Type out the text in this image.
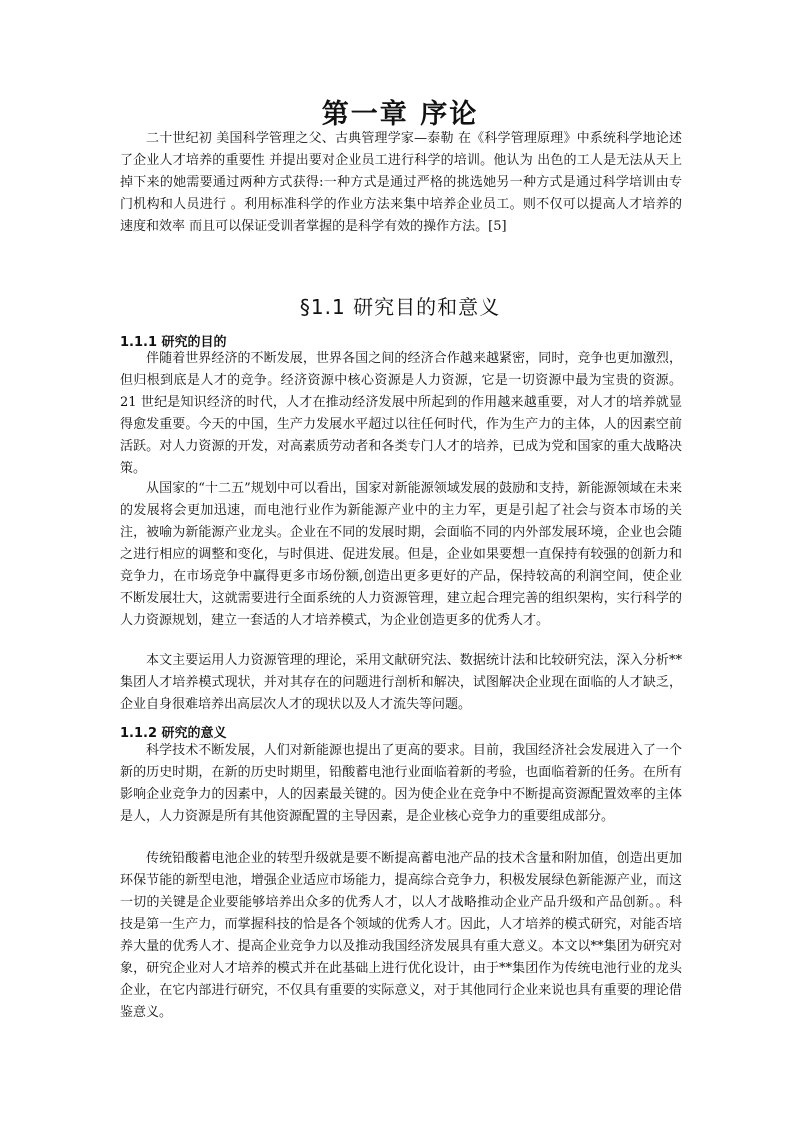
第一章 序论

二十世纪初 美国科学管理之父、古典管理学家—泰勒 在《科学管理原理》中系统科学地论述了企业人才培养的重要性 并提出要对企业员工进行科学的培训。他认为 出色的工人是无法从天上掉下来的她需要通过两种方式获得:一种方式是通过严格的挑选她另一种方式是通过科学培训由专门机构和人员进行 。利用标准科学的作业方法来集中培养企业员工。则不仅可以提高人才培养的速度和效率 而且可以保证受训者掌握的是科学有效的操作方法。[5]

§1.1 研究目的和意义
1.1.1 研究的目的

伴随着世界经济的不断发展，世界各国之间的经济合作越来越紧密，同时，竞争也更加激烈，但归根到底是人才的竞争。经济资源中核心资源是人力资源，它是一切资源中最为宝贵的资源。21 世纪是知识经济的时代，人才在推动经济发展中所起到的作用越来越重要，对人才的培养就显得愈发重要。今天的中国，生产力发展水平超过以往任何时代，作为生产力的主体，人的因素空前活跃。对人力资源的开发，对高素质劳动者和各类专门人才的培养，已成为党和国家的重大战略决策。

从国家的“十二五”规划中可以看出，国家对新能源领域发展的鼓励和支持，新能源领域在未来的发展将会更加迅速，而电池行业作为新能源产业中的主力军，更是引起了社会与资本市场的关注，被喻为新能源产业龙头。企业在不同的发展时期，会面临不同的内外部发展环境，企业也会随之进行相应的调整和变化，与时俱进、促进发展。但是，企业如果要想一直保持有较强的创新力和竞争力，在市场竞争中赢得更多市场份额,创造出更多更好的产品，保持较高的利润空间，使企业不断发展壮大，这就需要进行全面系统的人力资源管理，建立起合理完善的组织架构，实行科学的人力资源规划，建立一套适的人才培养模式，为企业创造更多的优秀人才。

本文主要运用人力资源管理的理论，采用文献研究法、数据统计法和比较研究法，深入分析**集团人才培养模式现状，并对其存在的问题进行剖析和解决，试图解决企业现在面临的人才缺乏，企业自身很难培养出高层次人才的现状以及人才流失等问题。

1.1.2 研究的意义

科学技术不断发展，人们对新能源也提出了更高的要求。目前，我国经济社会发展进入了一个新的历史时期，在新的历史时期里，铅酸蓄电池行业面临着新的考验，也面临着新的任务。在所有影响企业竞争力的因素中，人的因素最关键的。因为使企业在竞争中不断提高资源配置效率的主体是人，人力资源是所有其他资源配置的主导因素，是企业核心竞争力的重要组成部分。

传统铅酸蓄电池企业的转型升级就是要不断提高蓄电池产品的技术含量和附加值，创造出更加环保节能的新型电池，增强企业适应市场能力，提高综合竞争力，积极发展绿色新能源产业，而这一切的关键是企业要能够培养出众多的优秀人才，以人才战略推动企业产品升级和产品创新。。科技是第一生产力，而掌握科技的恰是各个领域的优秀人才。因此，人才培养的模式研究，对能否培养大量的优秀人才、提高企业竞争力以及推动我国经济发展具有重大意义。本文以**集团为研究对象，研究企业对人才培养的模式并在此基础上进行优化设计，由于**集团作为传统电池行业的龙头企业，在它内部进行研究，不仅具有重要的实际意义，对于其他同行企业来说也具有重要的理论借鉴意义。
